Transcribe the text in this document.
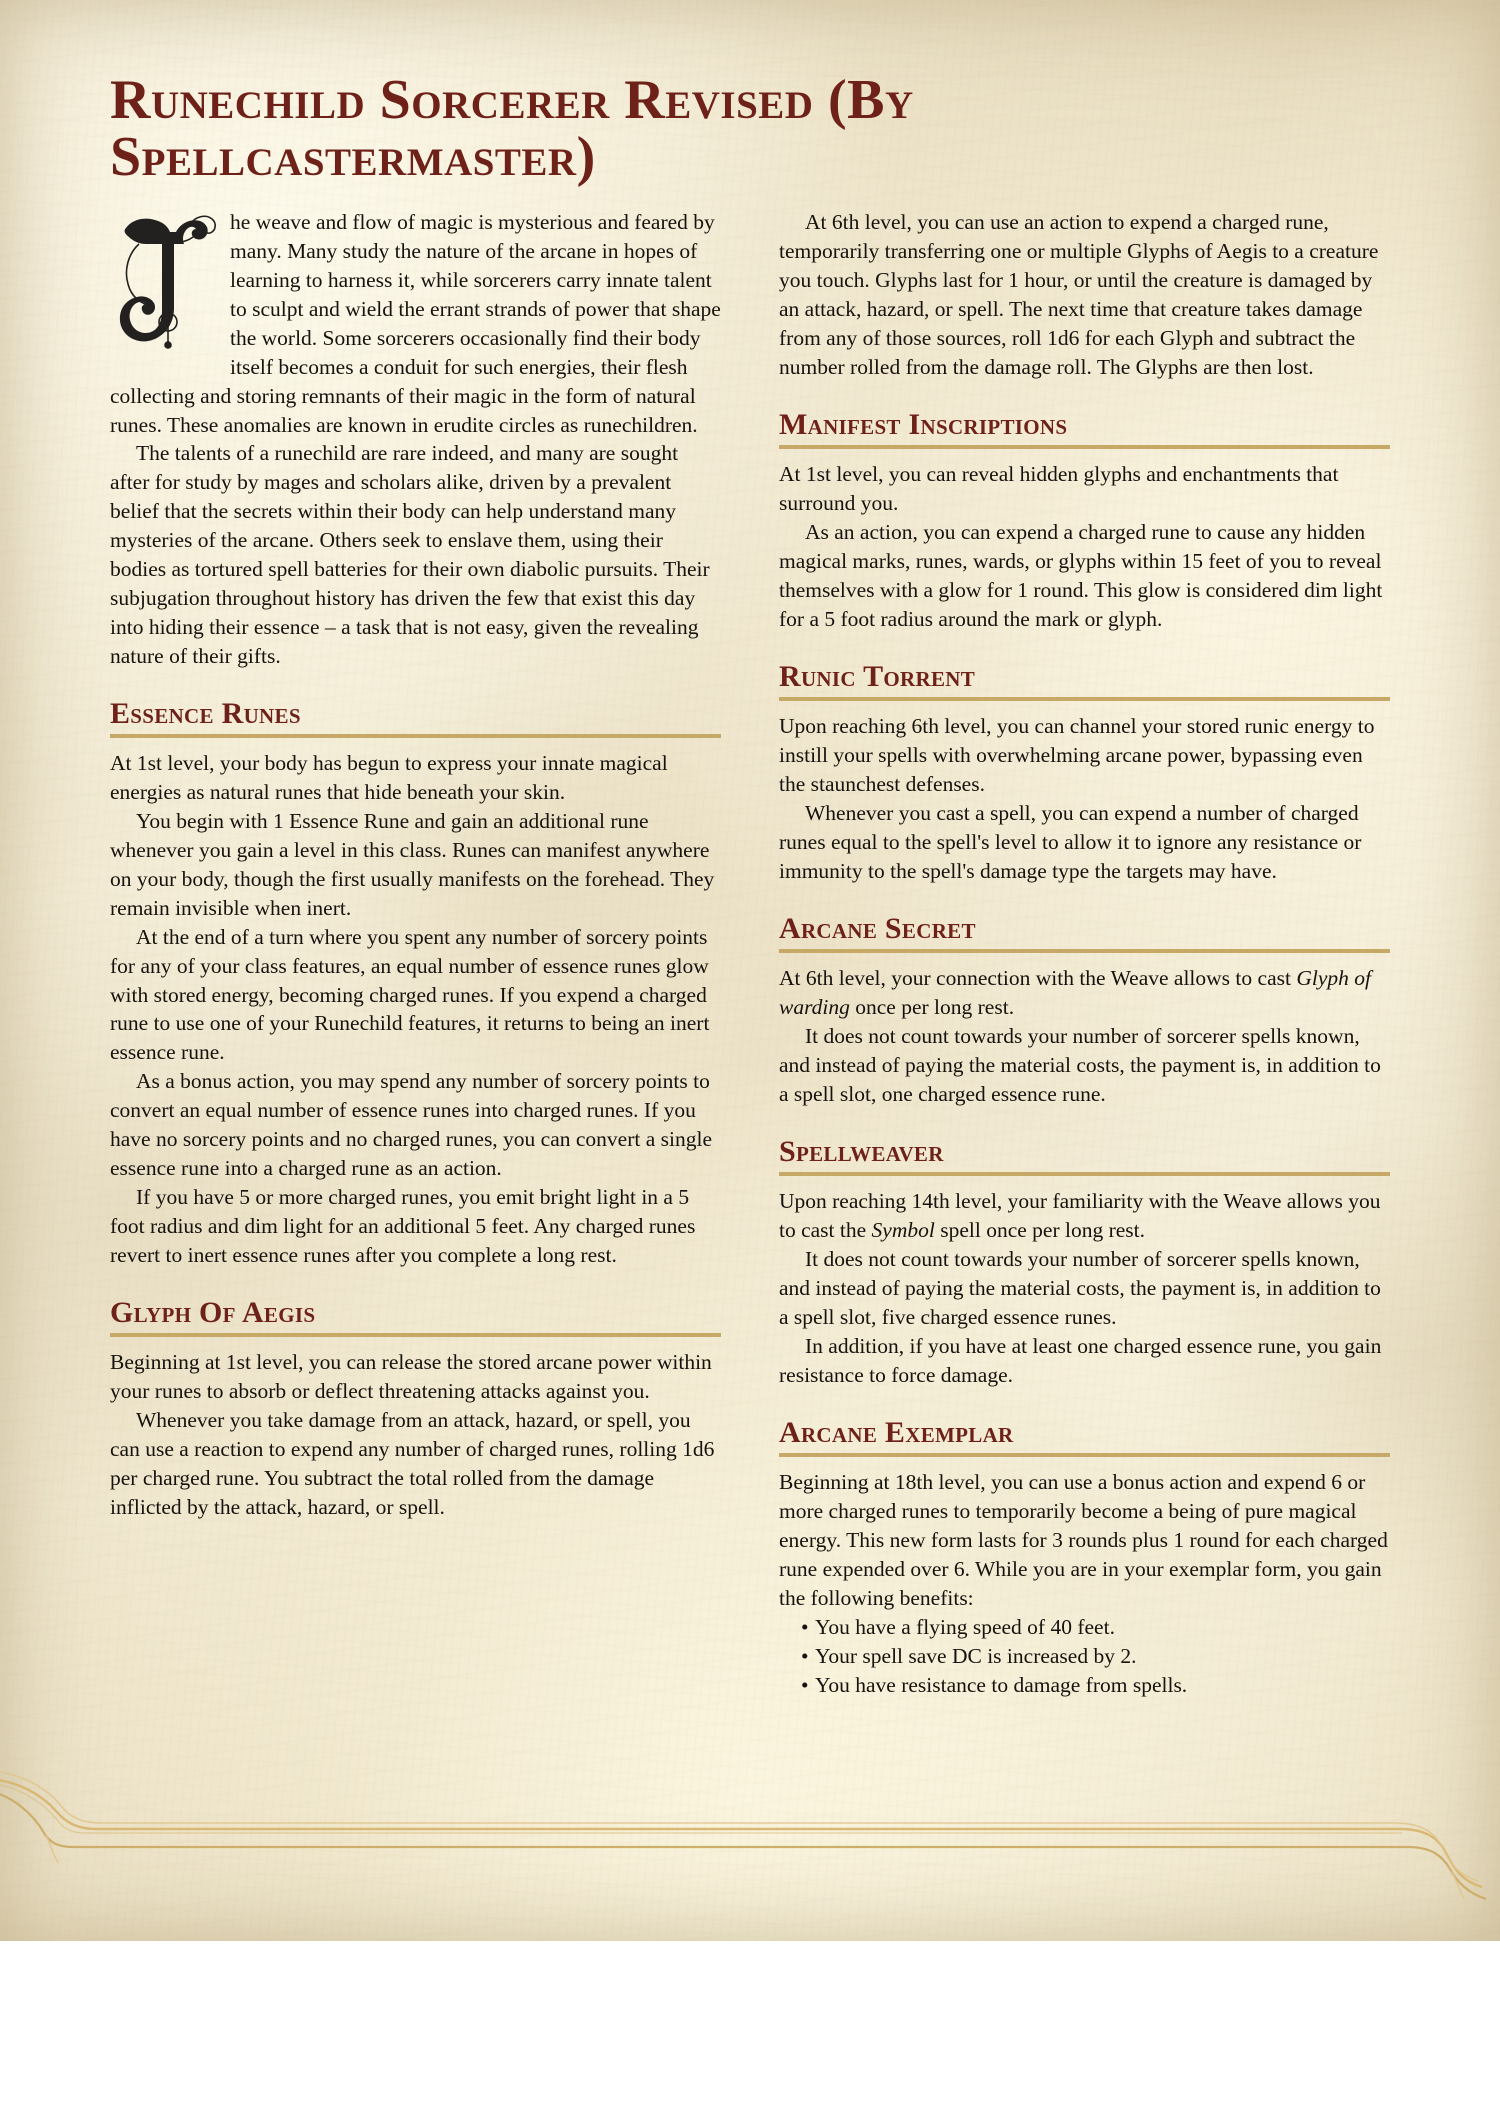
Runechild Sorcerer Revised (By Spellcastermaster)

he weave and flow of magic is mysterious and feared by many. Many study the nature of the arcane in hopes of learning to harness it, while sorcerers carry innate talent to sculpt and wield the errant strands of power that shape the world. Some sorcerers occasionally find their body itself becomes a conduit for such energies, their flesh collecting and storing remnants of their magic in the form of natural runes. These anomalies are known in erudite circles as runechildren.

The talents of a runechild are rare indeed, and many are sought after for study by mages and scholars alike, driven by a prevalent belief that the secrets within their body can help understand many mysteries of the arcane. Others seek to enslave them, using their bodies as tortured spell batteries for their own diabolic pursuits. Their subjugation throughout history has driven the few that exist this day into hiding their essence – a task that is not easy, given the revealing nature of their gifts.

Essence Runes

At 1st level, your body has begun to express your innate magical energies as natural runes that hide beneath your skin.

You begin with 1 Essence Rune and gain an additional rune whenever you gain a level in this class. Runes can manifest anywhere on your body, though the first usually manifests on the forehead. They remain invisible when inert.

At the end of a turn where you spent any number of sorcery points for any of your class features, an equal number of essence runes glow with stored energy, becoming charged runes. If you expend a charged rune to use one of your Runechild features, it returns to being an inert essence rune.

As a bonus action, you may spend any number of sorcery points to convert an equal number of essence runes into charged runes. If you have no sorcery points and no charged runes, you can convert a single essence rune into a charged rune as an action.

If you have 5 or more charged runes, you emit bright light in a 5 foot radius and dim light for an additional 5 feet. Any charged runes revert to inert essence runes after you complete a long rest.

Glyph Of Aegis

Beginning at 1st level, you can release the stored arcane power within your runes to absorb or deflect threatening attacks against you.

Whenever you take damage from an attack, hazard, or spell, you can use a reaction to expend any number of charged runes, rolling 1d6 per charged rune. You subtract the total rolled from the damage inflicted by the attack, hazard, or spell.

At 6th level, you can use an action to expend a charged rune, temporarily transferring one or multiple Glyphs of Aegis to a creature you touch. Glyphs last for 1 hour, or until the creature is damaged by an attack, hazard, or spell. The next time that creature takes damage from any of those sources, roll 1d6 for each Glyph and subtract the number rolled from the damage roll. The Glyphs are then lost.

Manifest Inscriptions

At 1st level, you can reveal hidden glyphs and enchantments that surround you.

As an action, you can expend a charged rune to cause any hidden magical marks, runes, wards, or glyphs within 15 feet of you to reveal themselves with a glow for 1 round. This glow is considered dim light for a 5 foot radius around the mark or glyph.

Runic Torrent

Upon reaching 6th level, you can channel your stored runic energy to instill your spells with overwhelming arcane power, bypassing even the staunchest defenses.

Whenever you cast a spell, you can expend a number of charged runes equal to the spell's level to allow it to ignore any resistance or immunity to the spell's damage type the targets may have.

Arcane Secret

At 6th level, your connection with the Weave allows to cast Glyph of warding once per long rest.

It does not count towards your number of sorcerer spells known, and instead of paying the material costs, the payment is, in addition to a spell slot, one charged essence rune.

Spellweaver

Upon reaching 14th level, your familiarity with the Weave allows you to cast the Symbol spell once per long rest.

It does not count towards your number of sorcerer spells known, and instead of paying the material costs, the payment is, in addition to a spell slot, five charged essence runes.

In addition, if you have at least one charged essence rune, you gain resistance to force damage.

Arcane Exemplar

Beginning at 18th level, you can use a bonus action and expend 6 or more charged runes to temporarily become a being of pure magical energy. This new form lasts for 3 rounds plus 1 round for each charged rune expended over 6. While you are in your exemplar form, you gain the following benefits:

• You have a flying speed of 40 feet.
• Your spell save DC is increased by 2.
• You have resistance to damage from spells.
